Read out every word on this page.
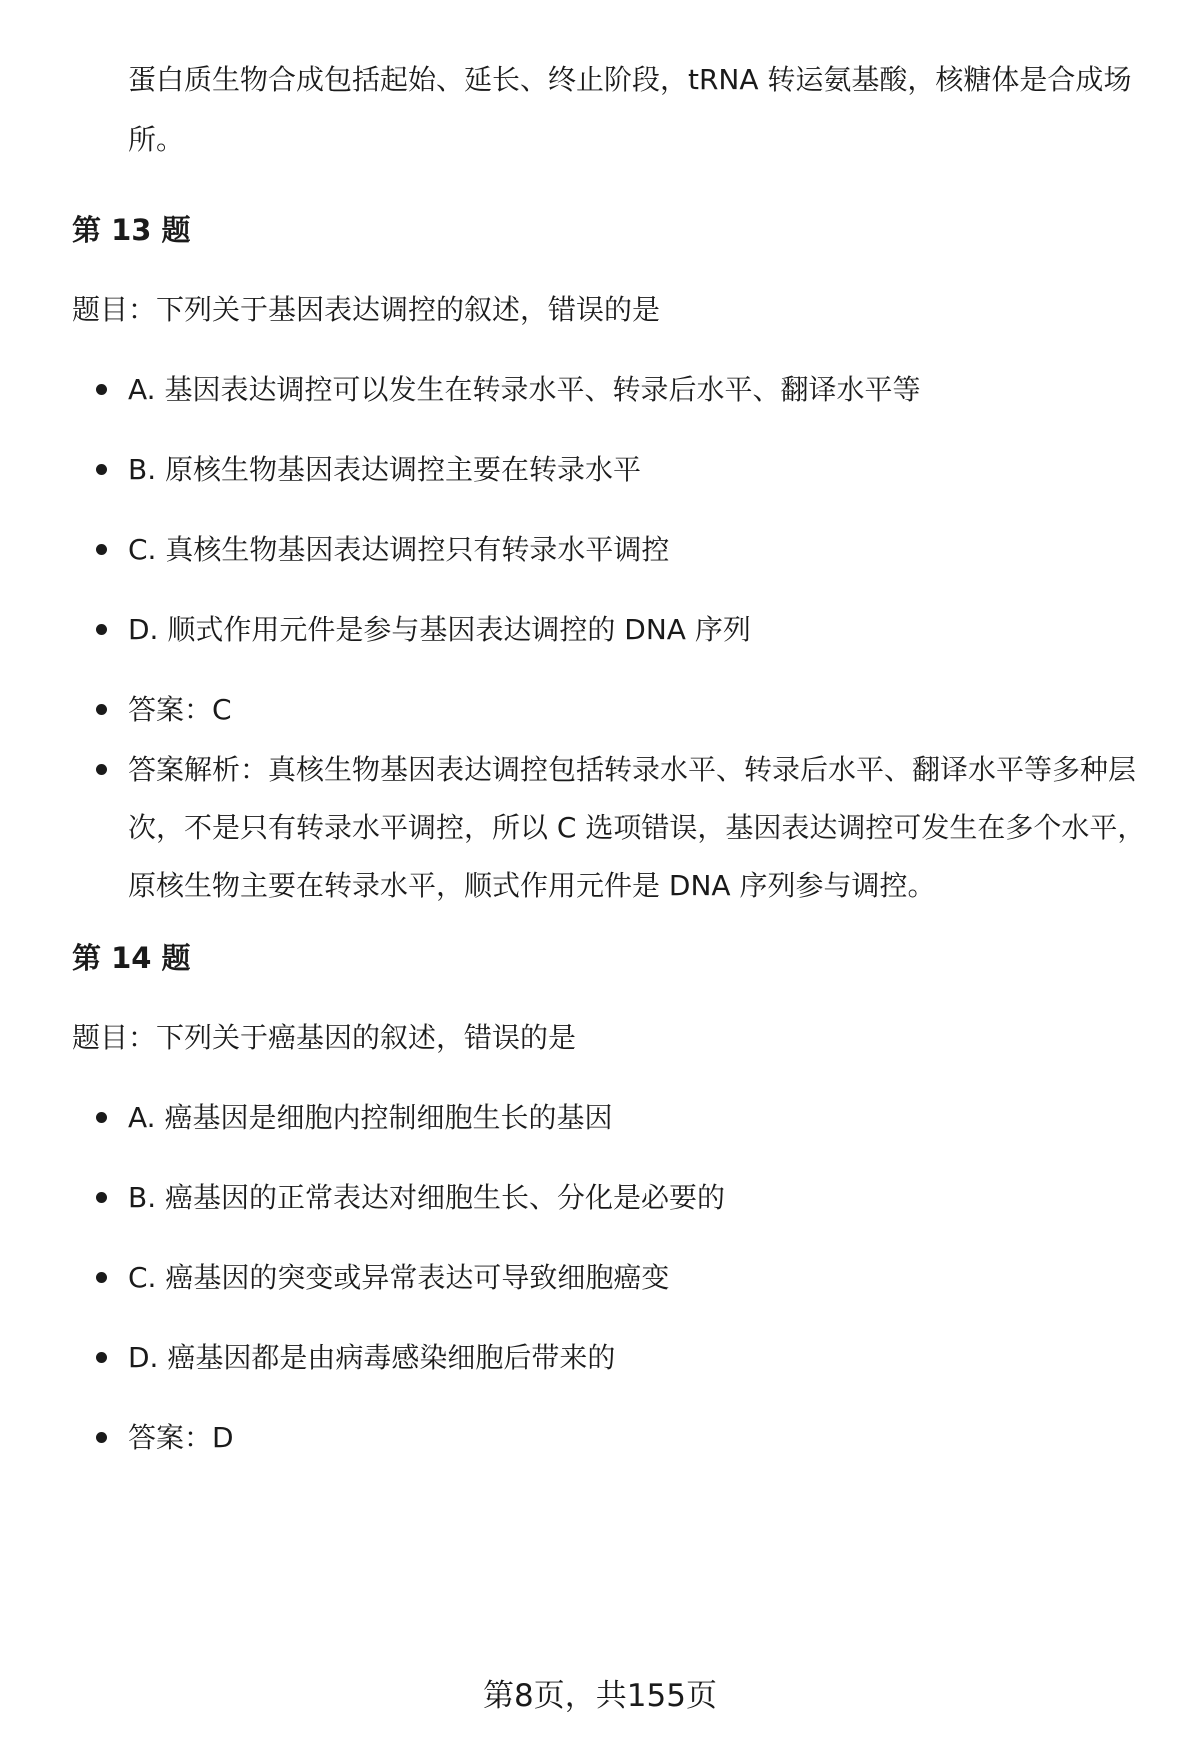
蛋白质生物合成包括起始、延长、终止阶段，tRNA 转运氨基酸，核糖体是合成场所。
第 13 题
题目：下列关于基因表达调控的叙述，错误的是
A. 基因表达调控可以发生在转录水平、转录后水平、翻译水平等
B. 原核生物基因表达调控主要在转录水平
C. 真核生物基因表达调控只有转录水平调控
D. 顺式作用元件是参与基因表达调控的 DNA 序列
答案：C
答案解析：真核生物基因表达调控包括转录水平、转录后水平、翻译水平等多种层次，不是只有转录水平调控，所以 C 选项错误，基因表达调控可发生在多个水平，原核生物主要在转录水平，顺式作用元件是 DNA 序列参与调控。
第 14 题
题目：下列关于癌基因的叙述，错误的是
A. 癌基因是细胞内控制细胞生长的基因
B. 癌基因的正常表达对细胞生长、分化是必要的
C. 癌基因的突变或异常表达可导致细胞癌变
D. 癌基因都是由病毒感染细胞后带来的
答案：D
第8页，共155页
